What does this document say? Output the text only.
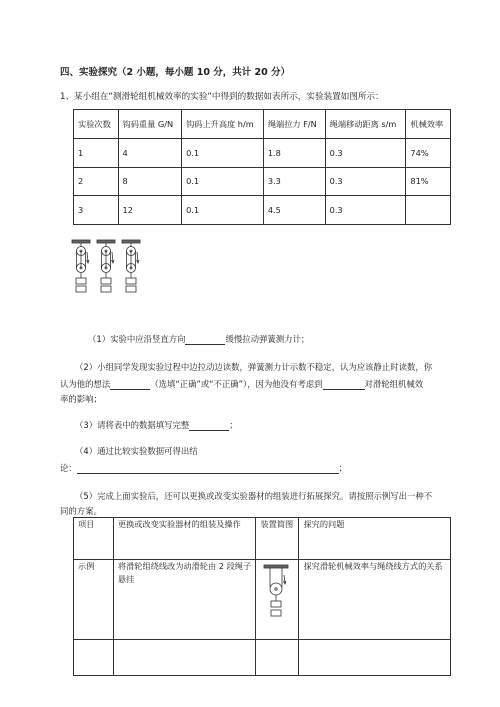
四、实验探究（2 小题，每小题 10 分，共计 20 分）
1、某小组在“测滑轮组机械效率的实验”中得到的数据如表所示，实验装置如图所示：
实验次数	钩码重量 G/N	钩码上升高度 h/m	绳端拉力 F/N	绳端移动距离 s/m	机械效率
1	4	0.1	1.8	0.3	74%
2	8	0.1	3.3	0.3	81%
3	12	0.1	4.5	0.3	
（1）实验中应沿竖直方向	缓慢拉动弹簧测力计；
（2）小组同学发现实验过程中边拉动边读数，弹簧测力计示数不稳定，认为应该静止时读数，你
认为他的想法	（选填“正确”或“不正确”），因为他没有考虑到	对滑轮组机械效
率的影响；
（3）请将表中的数据填写完整	；
（4）通过比较实验数据可得出结
论：	；
（5）完成上面实验后，还可以更换或改变实验器材的组装进行拓展探究。请按照示例写出一种不
同的方案。
项目	更换或改变实验器材的组装及操作	装置简图	探究的问题
示例	将滑轮组绕线改为动滑轮由 2 段绳子悬挂		探究滑轮机械效率与绳绕线方式的关系
